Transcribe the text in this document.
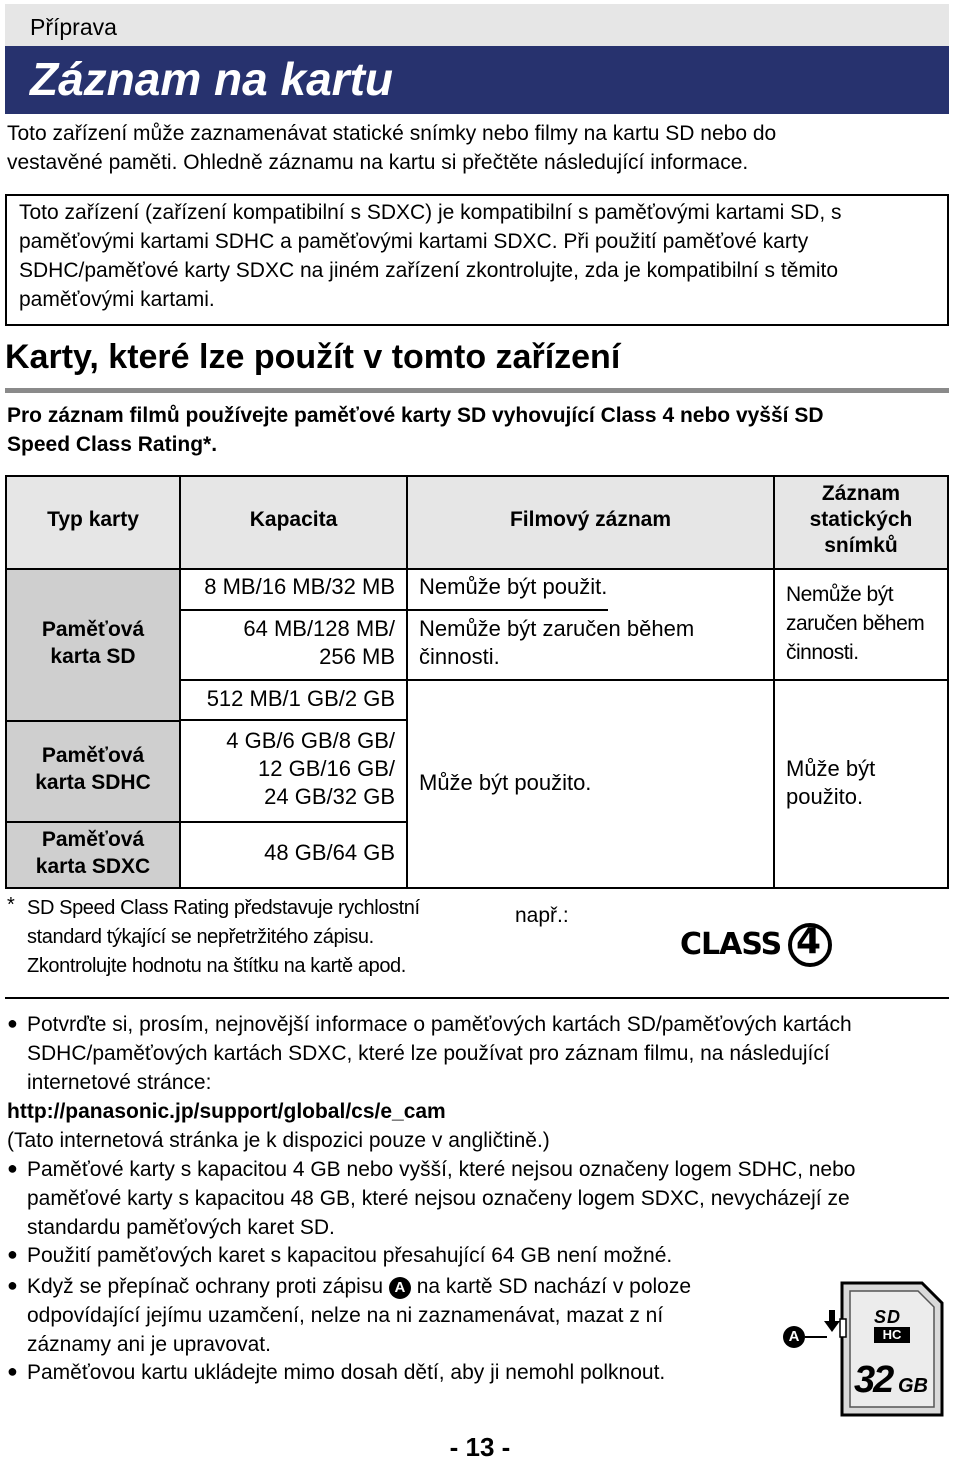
Příprava
Záznam na kartu
Toto zařízení může zaznamenávat statické snímky nebo filmy na kartu SD nebo do
vestavěné paměti. Ohledně záznamu na kartu si přečtěte následující informace.
Toto zařízení (zařízení kompatibilní s SDXC) je kompatibilní s paměťovými kartami SD, s
paměťovými kartami SDHC a paměťovými kartami SDXC. Při použití paměťové karty
SDHC/paměťové karty SDXC na jiném zařízení zkontrolujte, zda je kompatibilní s těmito
paměťovými kartami.
Karty, které lze použít v tomto zařízení
Pro záznam filmů používejte paměťové karty SD vyhovující Class 4 nebo vyšší SD
Speed Class Rating*.
Typ karty	Kapacita	Filmový záznam
Záznam
statických
snímků
Paměťová
karta SD
Paměťová
karta SDHC
Paměťová
karta SDXC
8 MB/16 MB/32 MB
64 MB/128 MB/
256 MB
512 MB/1 GB/2 GB
4 GB/6 GB/8 GB/
12 GB/16 GB/
24 GB/32 GB
48 GB/64 GB
Nemůže být použit.
Nemůže být zaručen během
činnosti.
Může být použito.
Nemůže být
zaručen během
činnosti.
Může být
použito.
* SD Speed Class Rating představuje rychlostní
standard týkající se nepřetržitého zápisu.
Zkontrolujte hodnotu na štítku na kartě apod.
např.:
CLASS 4
● Potvrďte si, prosím, nejnovější informace o paměťových kartách SD/paměťových kartách
SDHC/paměťových kartách SDXC, které lze používat pro záznam filmu, na následující
internetové stránce:
http://panasonic.jp/support/global/cs/e_cam
(Tato internetová stránka je k dispozici pouze v angličtině.)
● Paměťové karty s kapacitou 4 GB nebo vyšší, které nejsou označeny logem SDHC, nebo
paměťové karty s kapacitou 48 GB, které nejsou označeny logem SDXC, nevycházejí ze
standardu paměťových karet SD.
● Použití paměťových karet s kapacitou přesahující 64 GB není možné.
● Když se přepínač ochrany proti zápisu A na kartě SD nachází v poloze
odpovídající jejímu uzamčení, nelze na ni zaznamenávat, mazat z ní
záznamy ani je upravovat.
● Paměťovou kartu ukládejte mimo dosah dětí, aby ji nemohl polknout.
A
SD
HC
32 GB
- 13 -
